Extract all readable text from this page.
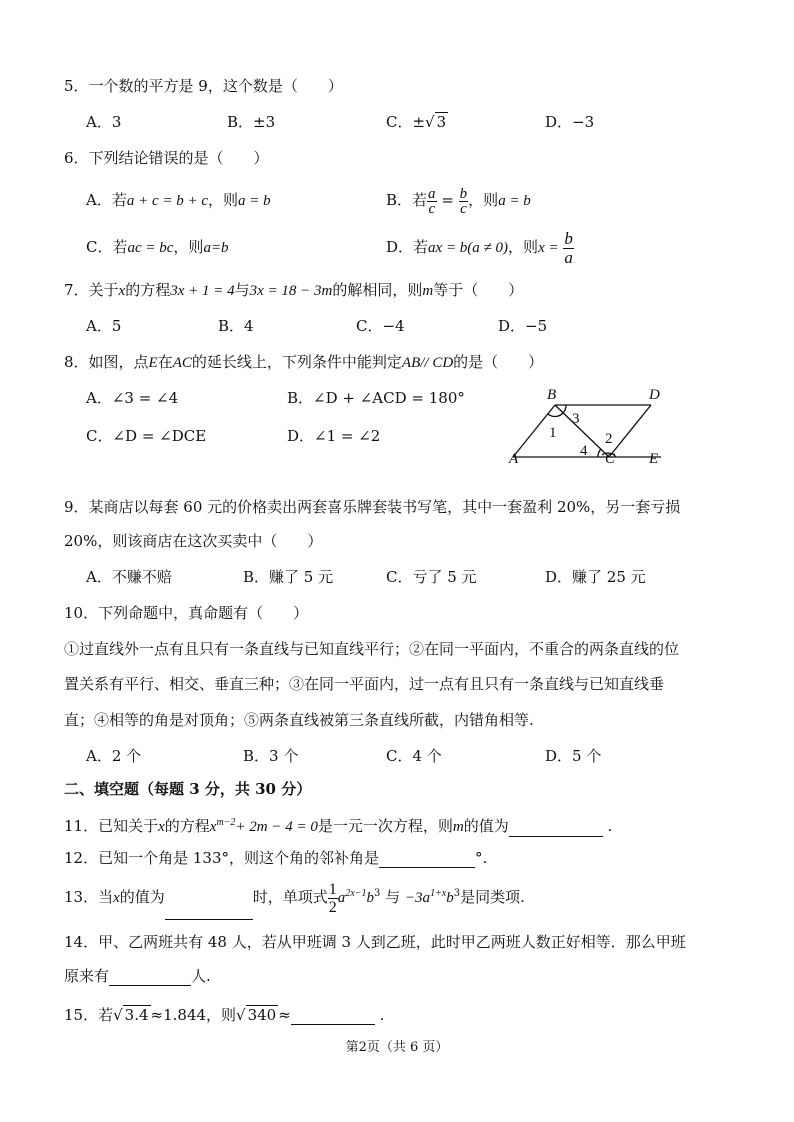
5．一个数的平方是 9，这个数是（　　）
A．3	B．±3	C．±√ 3	D．−3
6．下列结论错误的是（　　）
A．若a + c = b + c，则a = b	B．若 $\frac{a}{c} = \frac{b}{c}$ ，则a = b
C．若ac = bc，则a=b	D．若ax = b(a ≠ 0)，则$x = \frac{b}{a}$
7．关于x的方程3x + 1 = 4与3x = 18 − 3m的解相同，则m等于（　　）
A．5	B．4	C．−4	D．−5
8．如图，点E在AC的延长线上，下列条件中能判定AB// CD的是（　　）
A．∠3 = ∠4	B．∠D + ∠ACD = 180°
C．∠D = ∠DCE	D．∠1 = ∠2
B	D
A	C E
3
1
4
2
9．某商店以每套 60 元的价格卖出两套喜乐牌套装书写笔，其中一套盈利 20%，另一套亏损
20%，则该商店在这次买卖中（　　）
A．不赚不赔	B．赚了 5 元	C．亏了 5 元	D．赚了 25 元
10．下列命题中，真命题有（　　）
①过直线外一点有且只有一条直线与已知直线平行；②在同一平面内，不重合的两条直线的位
置关系有平行、相交、垂直三种；③在同一平面内，过一点有且只有一条直线与已知直线垂
直；④相等的角是对顶角；⑤两条直线被第三条直线所截，内错角相等.
A．2 个	B．3 个	C．4 个	D．5 个
二、填空题（每题 3 分，共 30 分）
11．已知关于x的方程$x^{m-2}+ 2m - 4 = 0$是一元一次方程，则m的值为	.
12．已知一个角是 133°，则这个角的邻补角是	°.
13．当x的值为	时，单项式 $\frac{1}{2} a^{2x-1}b^3$ 与 $-3a^{1+x}b^3$是同类项.
14．甲、乙两班共有 48 人，若从甲班调 3 人到乙班，此时甲乙两班人数正好相等．那么甲班
原来有	人.
15．若√ 3.4 ≈1.844，则√ 340 ≈	.
第2页（共 6 页）
